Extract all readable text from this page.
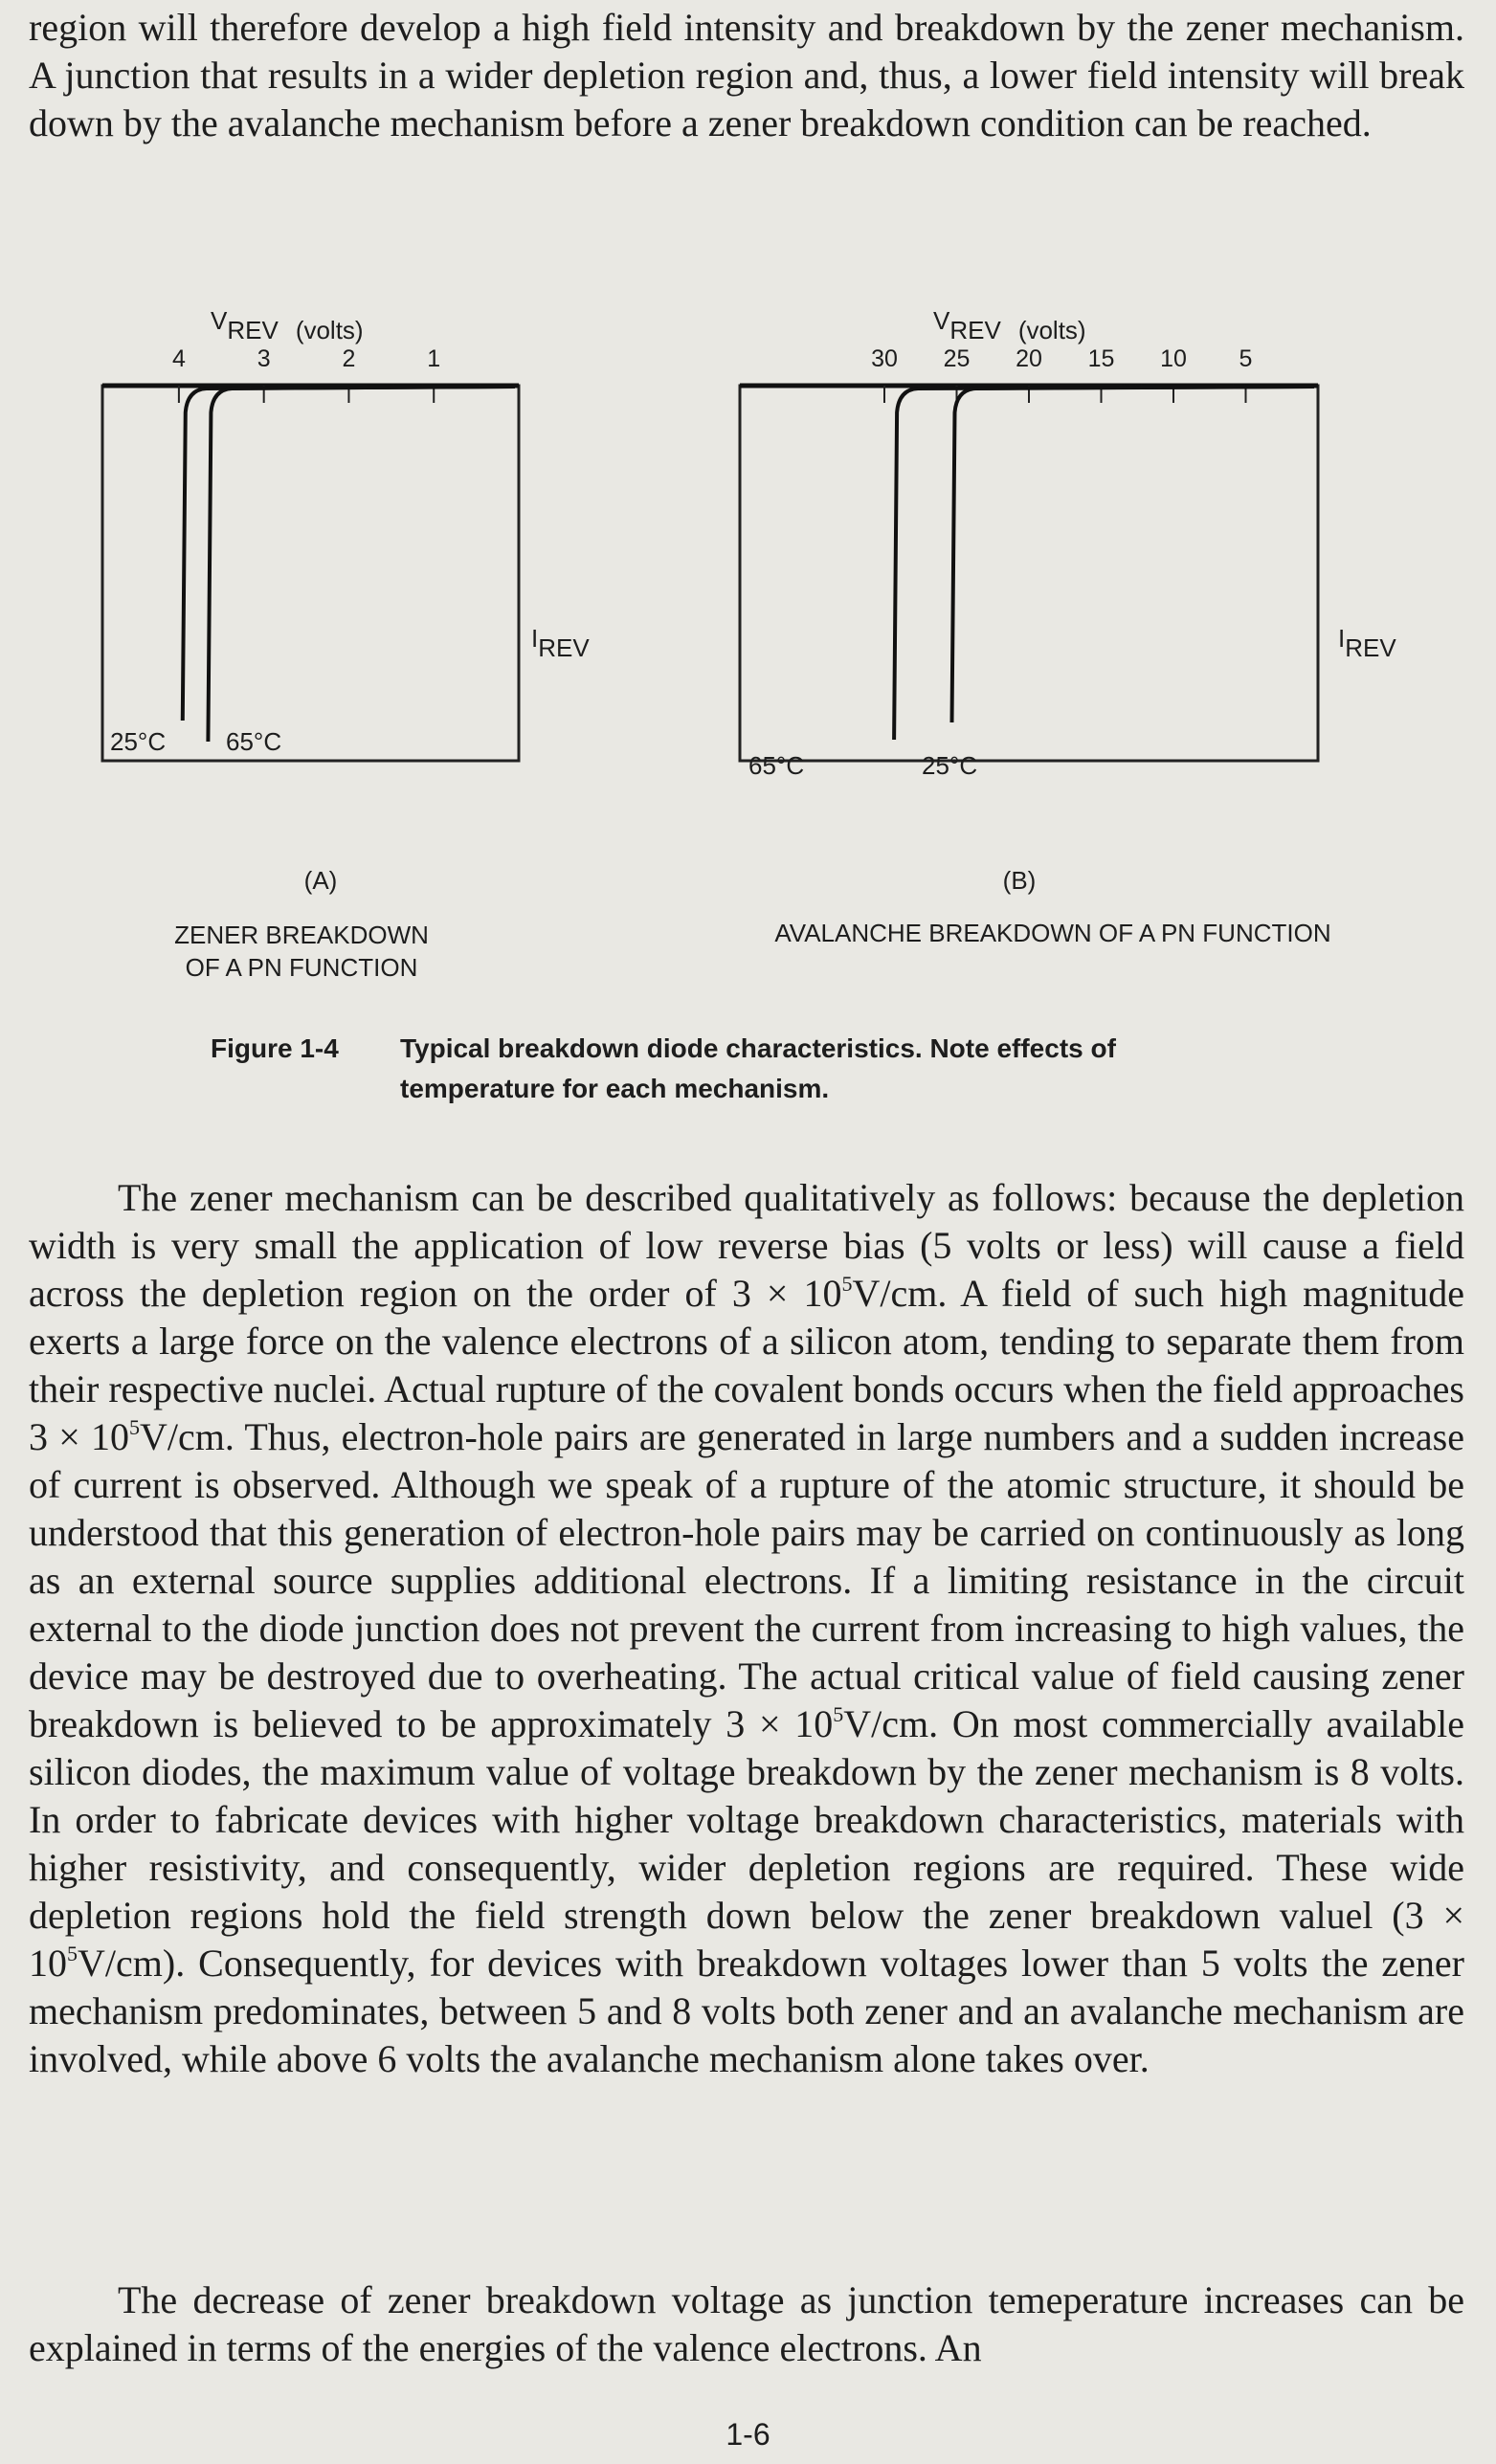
region will therefore develop a high field intensity and breakdown by the zener mechanism. A junction that results in a wider depletion region and, thus, a lower field intensity will break down by the avalanche mechanism before a zener breakdown condition can be reached.

VREV (volts)
4	3	2	1
IREV
25°C 65°C
(A)
ZENER BREAKDOWN
OF A PN FUNCTION
VREV (volts)
30 25 20 15 10	5
IREV
65°C	25°C
(B)
AVALANCHE BREAKDOWN OF A PN FUNCTION
Figure 1-4 Typical breakdown diode characteristics. Note effects of
temperature for each mechanism.

The zener mechanism can be described qualitatively as follows: because the depletion width is very small the application of low reverse bias (5 volts or less) will cause a field across the depletion region on the order of $3 \times 10^5V/cm$. A field of such high magnitude exerts a large force on the valence electrons of a silicon atom, tending to separate them from their respective nuclei. Actual rupture of the covalent bonds occurs when the field approaches $3 \times 10^5V/cm$. Thus, electron-hole pairs are generated in large numbers and a sudden increase of current is observed. Although we speak of a rupture of the atomic structure, it should be understood that this generation of electron-hole pairs may be carried on continuously as long as an external source supplies additional electrons. If a limiting resistance in the circuit external to the diode junction does not prevent the current from increasing to high values, the device may be destroyed due to overheating. The actual critical value of field causing zener breakdown is believed to be approximately $3 \times 10^5V/cm$. On most commercially available silicon diodes, the maximum value of voltage breakdown by the zener mechanism is 8 volts. In order to fabricate devices with higher voltage breakdown characteristics, materials with higher resistivity, and consequently, wider depletion regions are required. These wide depletion regions hold the field strength down below the zener breakdown valuel $(3 \times 10^5V/cm)$. Consequently, for devices with breakdown voltages lower than 5 volts the zener mechanism predominates, between 5 and 8 volts both zener and an avalanche mechanism are involved, while above 6 volts the avalanche mechanism alone takes over.

The decrease of zener breakdown voltage as junction temeperature increases can be explained in terms of the energies of the valence electrons. An

1-6
